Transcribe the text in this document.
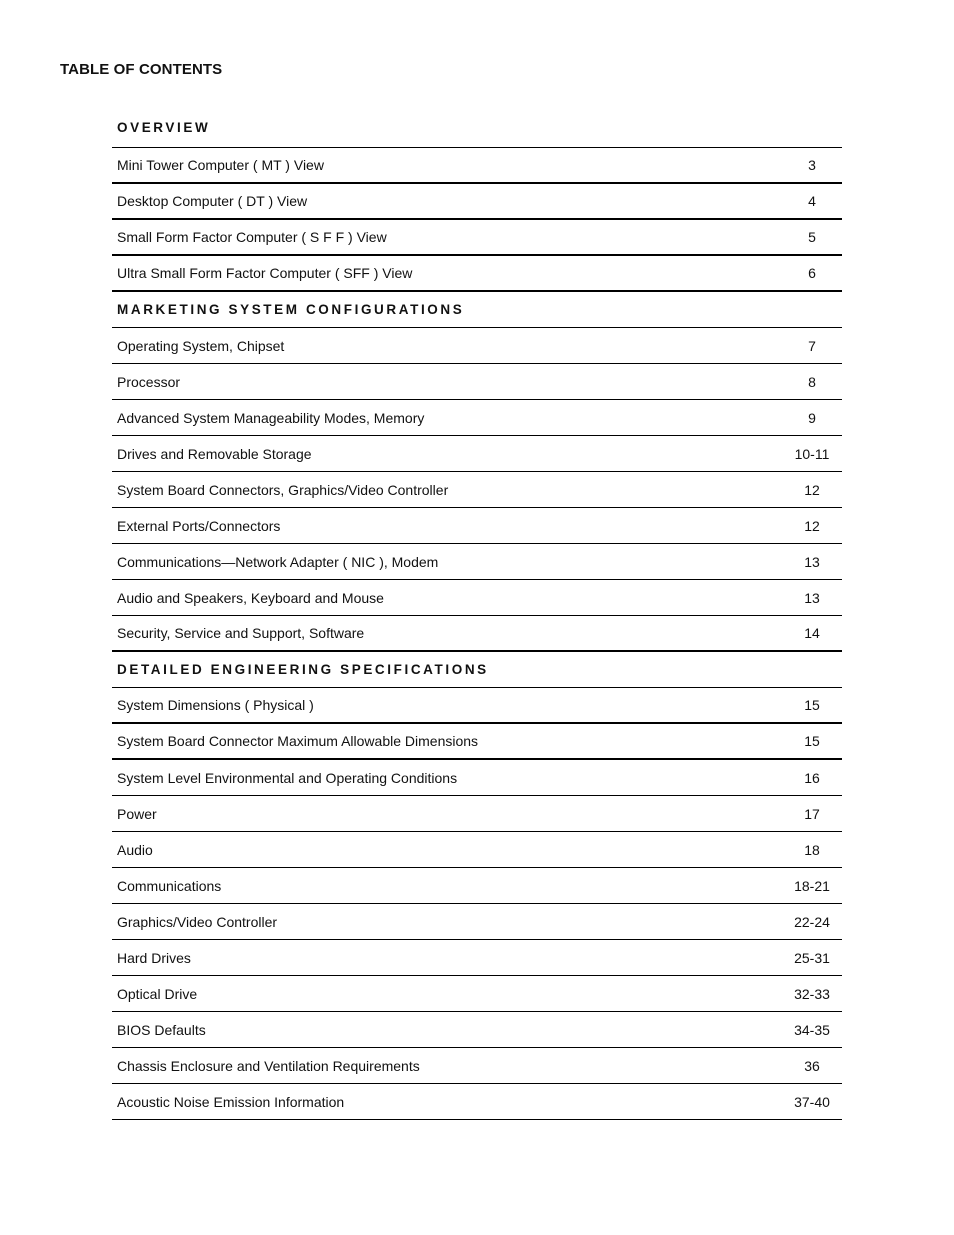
TABLE OF CONTENTS
OVERVIEW
Mini Tower Computer ( MT ) View	3
Desktop Computer ( DT ) View	4
Small Form Factor Computer ( S F F ) View	5
Ultra Small Form Factor Computer ( SFF ) View	6
MARKETING SYSTEM CONFIGURATIONS
Operating System, Chipset	7
Processor	8
Advanced System Manageability Modes, Memory	9
Drives and Removable Storage	10-11
System Board Connectors, Graphics/Video Controller	12
External Ports/Connectors	12
Communications—Network Adapter ( NIC ), Modem	13
Audio and Speakers, Keyboard and Mouse	13
Security, Service and Support, Software	14
DETAILED ENGINEERING SPECIFICATIONS
System Dimensions ( Physical )	15
System Board Connector Maximum Allowable Dimensions	15
System Level Environmental and Operating Conditions	16
Power	17
Audio	18
Communications	18-21
Graphics/Video Controller	22-24
Hard Drives	25-31
Optical Drive	32-33
BIOS Defaults	34-35
Chassis Enclosure and Ventilation Requirements	36
Acoustic Noise Emission Information	37-40
